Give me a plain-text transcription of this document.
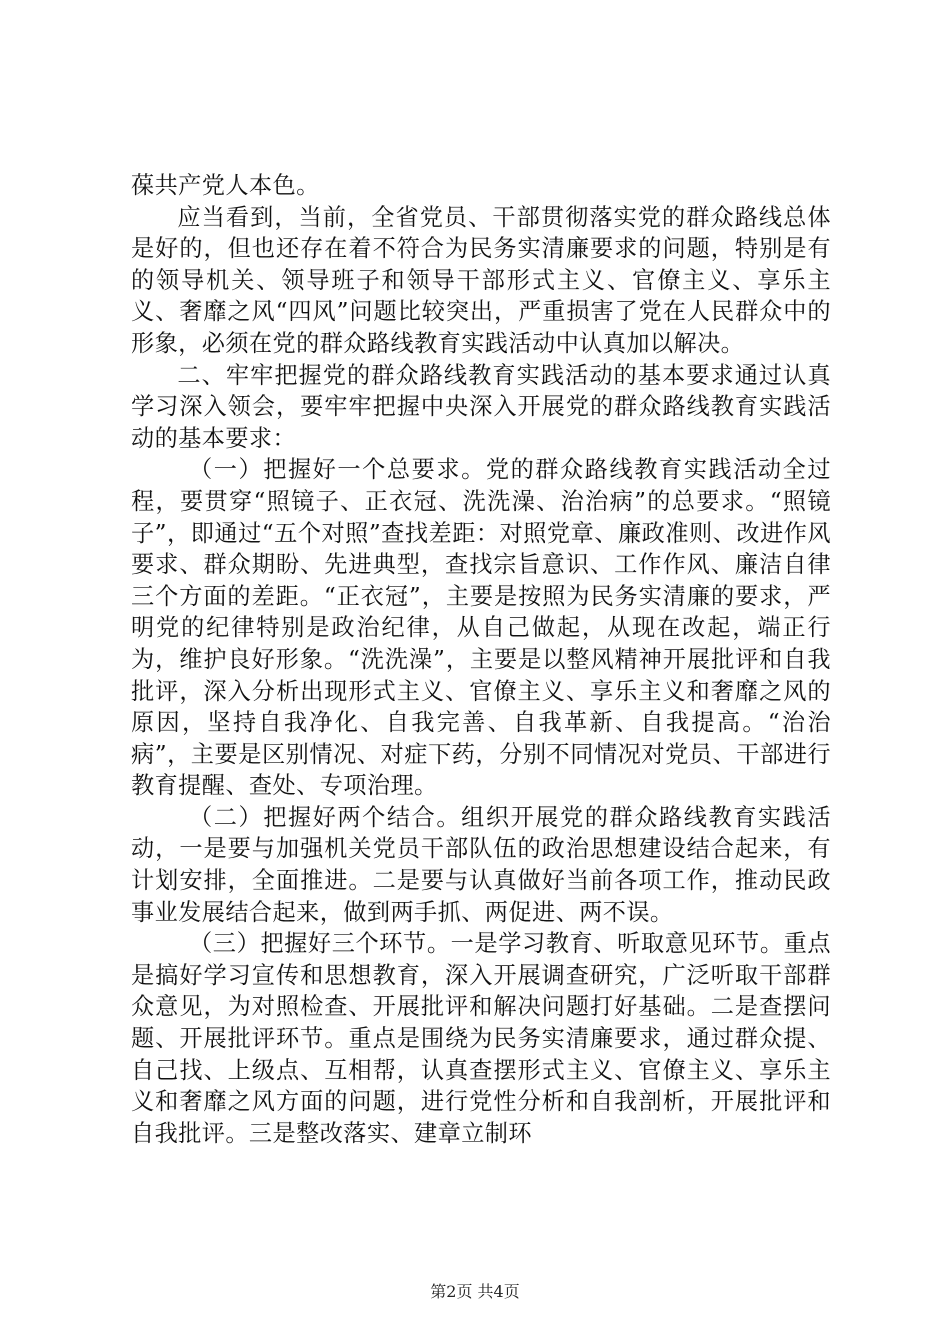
葆共产党人本色。

应当看到，当前，全省党员、干部贯彻落实党的群众路线总体是好的，但也还存在着不符合为民务实清廉要求的问题，特别是有的领导机关、领导班子和领导干部形式主义、官僚主义、享乐主义、奢靡之风“四风”问题比较突出，严重损害了党在人民群众中的形象，必须在党的群众路线教育实践活动中认真加以解决。

二、牢牢把握党的群众路线教育实践活动的基本要求通过认真学习深入领会，要牢牢把握中央深入开展党的群众路线教育实践活动的基本要求：

（一）把握好一个总要求。党的群众路线教育实践活动全过程，要贯穿“照镜子、正衣冠、洗洗澡、治治病”的总要求。“照镜子”，即通过“五个对照”查找差距：对照党章、廉政准则、改进作风要求、群众期盼、先进典型，查找宗旨意识、工作作风、廉洁自律三个方面的差距。“正衣冠”，主要是按照为民务实清廉的要求，严明党的纪律特别是政治纪律，从自己做起，从现在改起，端正行为，维护良好形象。“洗洗澡”，主要是以整风精神开展批评和自我批评，深入分析出现形式主义、官僚主义、享乐主义和奢靡之风的原因，坚持自我净化、自我完善、自我革新、自我提高。“治治病”，主要是区别情况、对症下药，分别不同情况对党员、干部进行教育提醒、查处、专项治理。

（二）把握好两个结合。组织开展党的群众路线教育实践活动，一是要与加强机关党员干部队伍的政治思想建设结合起来，有计划安排，全面推进。二是要与认真做好当前各项工作，推动民政事业发展结合起来，做到两手抓、两促进、两不误。

（三）把握好三个环节。一是学习教育、听取意见环节。重点是搞好学习宣传和思想教育，深入开展调查研究，广泛听取干部群众意见，为对照检查、开展批评和解决问题打好基础。二是查摆问题、开展批评环节。重点是围绕为民务实清廉要求，通过群众提、自己找、上级点、互相帮，认真查摆形式主义、官僚主义、享乐主义和奢靡之风方面的问题，进行党性分析和自我剖析，开展批评和自我批评。三是整改落实、建章立制环

第2页 共4页
